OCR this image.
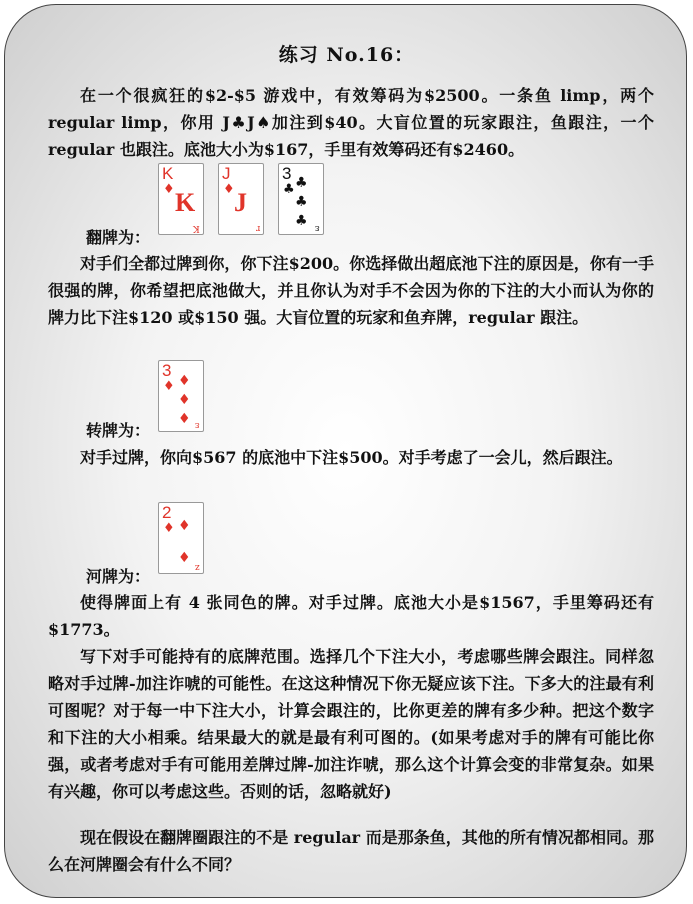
练习 No.16：

在一个很疯狂的$2-$5 游戏中，有效筹码为$2500。一条鱼 limp，两个 regular limp，你用 J♣J♠加注到$40。大盲位置的玩家跟注，鱼跟注，一个 regular 也跟注。底池大小为$167，手里有效筹码还有$2460。

K
♦ K
K
J
♦ J
r
3
♣ ♣
♣
♣ ε
翻牌为：

对手们全都过牌到你，你下注$200。你选择做出超底池下注的原因是，你有一手很强的牌，你希望把底池做大，并且你认为对手不会因为你的下注的大小而认为你的牌力比下注$120 或$150 强。大盲位置的玩家和鱼弃牌，regular 跟注。

3
♦ ♦
♦
♦ ε
转牌为：

对手过牌，你向$567 的底池中下注$500。对手考虑了一会儿，然后跟注。

2
♦ ♦
♦
z
河牌为：

使得牌面上有 4 张同色的牌。对手过牌。底池大小是$1567，手里筹码还有$1773。

写下对手可能持有的底牌范围。选择几个下注大小，考虑哪些牌会跟注。同样忽略对手过牌-加注诈唬的可能性。在这这种情况下你无疑应该下注。下多大的注最有利可图呢？对于每一中下注大小，计算会跟注的，比你更差的牌有多少种。把这个数字和下注的大小相乘。结果最大的就是最有利可图的。(如果考虑对手的牌有可能比你强，或者考虑对手有可能用差牌过牌-加注诈唬，那么这个计算会变的非常复杂。如果有兴趣，你可以考虑这些。否则的话，忽略就好)

现在假设在翻牌圈跟注的不是 regular 而是那条鱼，其他的所有情况都相同。那么在河牌圈会有什么不同？
